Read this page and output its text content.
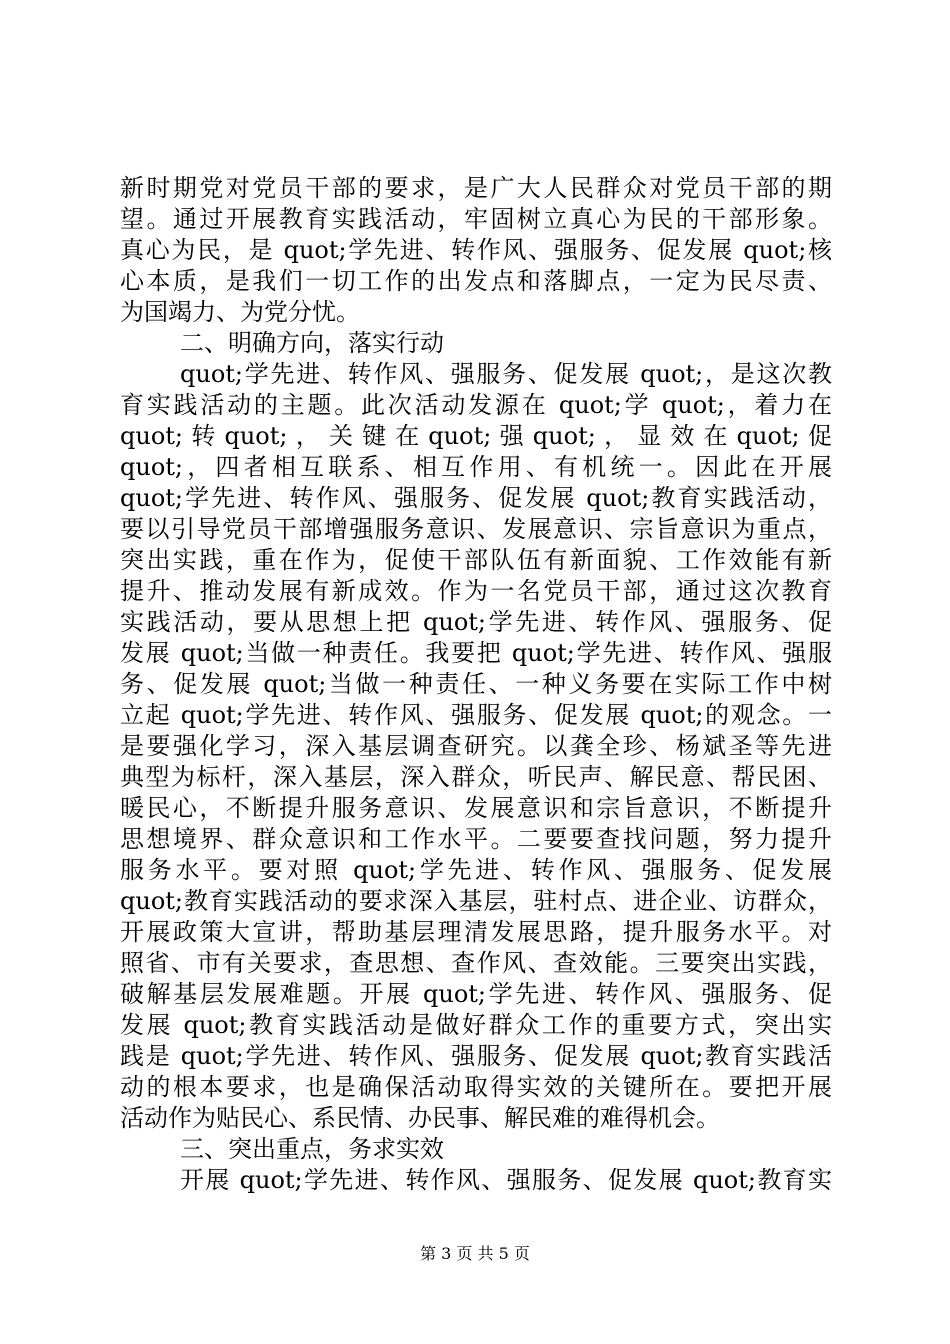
新时期党对党员干部的要求，是广大人民群众对党员干部的期
望。通过开展教育实践活动，牢固树立真心为民的干部形象。
真心为民，是 quot;学先进、转作风、强服务、促发展 quot;核
心本质，是我们一切工作的出发点和落脚点，一定为民尽责、
为国竭力、为党分忧。
二、明确方向，落实行动
quot;学先进、转作风、强服务、促发展 quot;，是这次教
育实践活动的主题。此次活动发源在 quot;学 quot;，着力在
quot; 转 quot; ， 关 键 在 quot; 强 quot; ， 显 效 在 quot; 促
quot;，四者相互联系、相互作用、有机统一。因此在开展
quot;学先进、转作风、强服务、促发展 quot;教育实践活动，
要以引导党员干部增强服务意识、发展意识、宗旨意识为重点，
突出实践，重在作为，促使干部队伍有新面貌、工作效能有新
提升、推动发展有新成效。作为一名党员干部，通过这次教育
实践活动，要从思想上把 quot;学先进、转作风、强服务、促
发展 quot;当做一种责任。我要把 quot;学先进、转作风、强服
务、促发展 quot;当做一种责任、一种义务要在实际工作中树
立起 quot;学先进、转作风、强服务、促发展 quot;的观念。一
是要强化学习，深入基层调查研究。以龚全珍、杨斌圣等先进
典型为标杆，深入基层，深入群众，听民声、解民意、帮民困、
暖民心，不断提升服务意识、发展意识和宗旨意识，不断提升
思想境界、群众意识和工作水平。二要要查找问题，努力提升
服务水平。要对照 quot;学先进、转作风、强服务、促发展
quot;教育实践活动的要求深入基层，驻村点、进企业、访群众，
开展政策大宣讲，帮助基层理清发展思路，提升服务水平。对
照省、市有关要求，查思想、查作风、查效能。三要突出实践，
破解基层发展难题。开展 quot;学先进、转作风、强服务、促
发展 quot;教育实践活动是做好群众工作的重要方式，突出实
践是 quot;学先进、转作风、强服务、促发展 quot;教育实践活
动的根本要求，也是确保活动取得实效的关键所在。要把开展
活动作为贴民心、系民情、办民事、解民难的难得机会。
三、突出重点，务求实效
开展 quot;学先进、转作风、强服务、促发展 quot;教育实
第 3 页 共 5 页
